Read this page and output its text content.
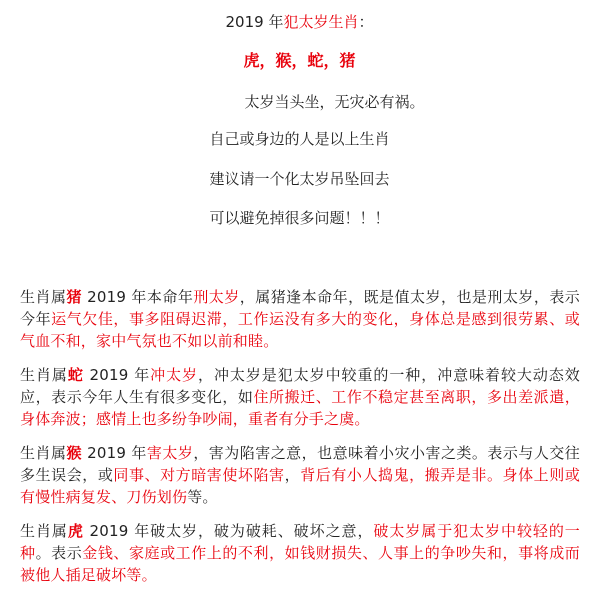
2019 年犯太岁生肖：
虎，猴，蛇，猪
太岁当头坐，无灾必有祸。
自己或身边的人是以上生肖
建议请一个化太岁吊坠回去
可以避免掉很多问题！！！
生肖属猪 2019 年本命年刑太岁，属猪逢本命年，既是值太岁，也是刑太岁，表示今年运气欠佳，事多阻碍迟滞，工作运没有多大的变化，身体总是感到很劳累、或气血不和，家中气氛也不如以前和睦。
生肖属蛇 2019 年冲太岁，冲太岁是犯太岁中较重的一种，冲意味着较大动态效应，表示今年人生有很多变化，如住所搬迁、工作不稳定甚至离职，多出差派遣，身体奔波；感情上也多纷争吵闹，重者有分手之虞。
生肖属猴 2019 年害太岁，害为陷害之意，也意味着小灾小害之类。表示与人交往多生误会，或同事、对方暗害使坏陷害，背后有小人捣鬼，搬弄是非。身体上则或有慢性病复发、刀伤划伤等。
生肖属虎 2019 年破太岁，破为破耗、破坏之意，破太岁属于犯太岁中较轻的一种。表示金钱、家庭或工作上的不利，如钱财损失、人事上的争吵失和，事将成而被他人插足破坏等。
